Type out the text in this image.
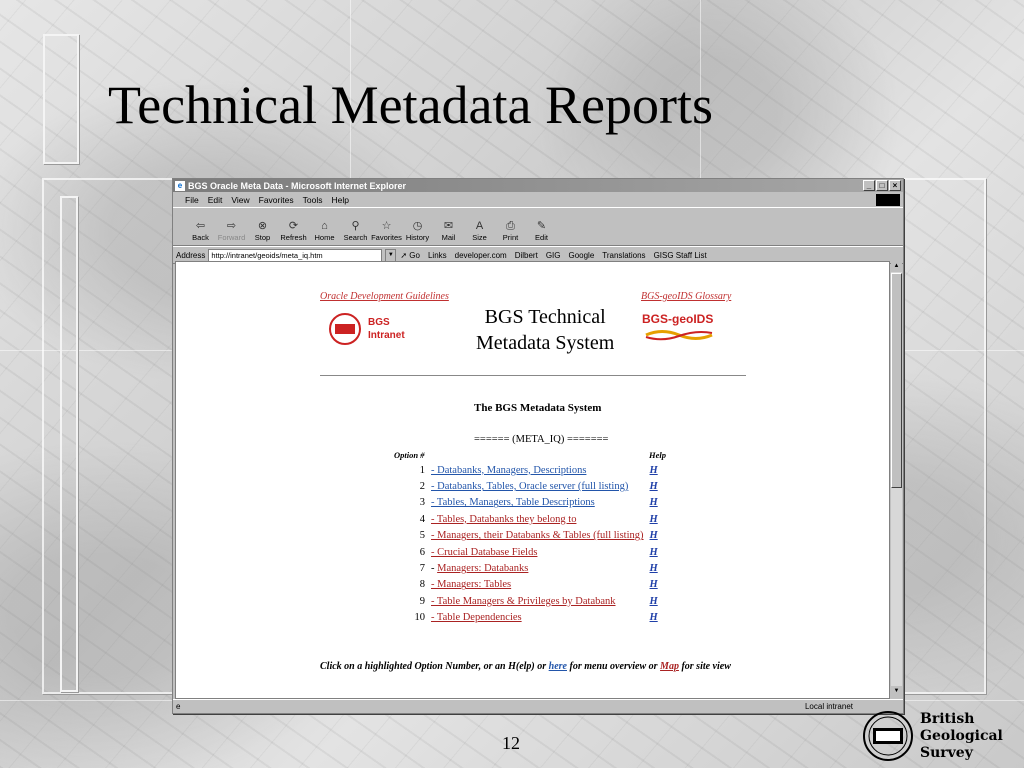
Technical Metadata Reports
e BGS Oracle Meta Data - Microsoft Internet Explorer	_	□	×
File Edit View Favorites Tools Help
⇦
Back
⇨
Forward
⊗
Stop
⟳
Refresh
⌂
Home
⚲
Search
☆
Favorites
◷
History
✉
Mail
A
Size
⎙
Print
✎
Edit
Address http://intranet/geoids/meta_iq.htm	▼ ➚ Go Links developer.com Dilbert GIG Google Translations GISG Staff List
Oracle Development Guidelines	BGS-geoIDS Glossary
BGS
Intranet
BGS Technical
Metadata System
BGS-geoIDS
The BGS Metadata System
====== (META_IQ) =======
Option #	Help
1	- Databanks, Managers, Descriptions	H
2	- Databanks, Tables, Oracle server (full listing)	H
3	- Tables, Managers, Table Descriptions	H
4	- Tables, Databanks they belong to	H
5	- Managers, their Databanks & Tables (full listing)	H
6	- Crucial Database Fields	H
7	- Managers: Databanks	H
8	- Managers: Tables	H
9	- Table Managers & Privileges by Databank	H
10	- Table Dependencies	H
Click on a highlighted Option Number, or an H(elp) or here for menu overview or Map for site view
▲
▼
e	Local intranet
12
British
Geological
Survey
